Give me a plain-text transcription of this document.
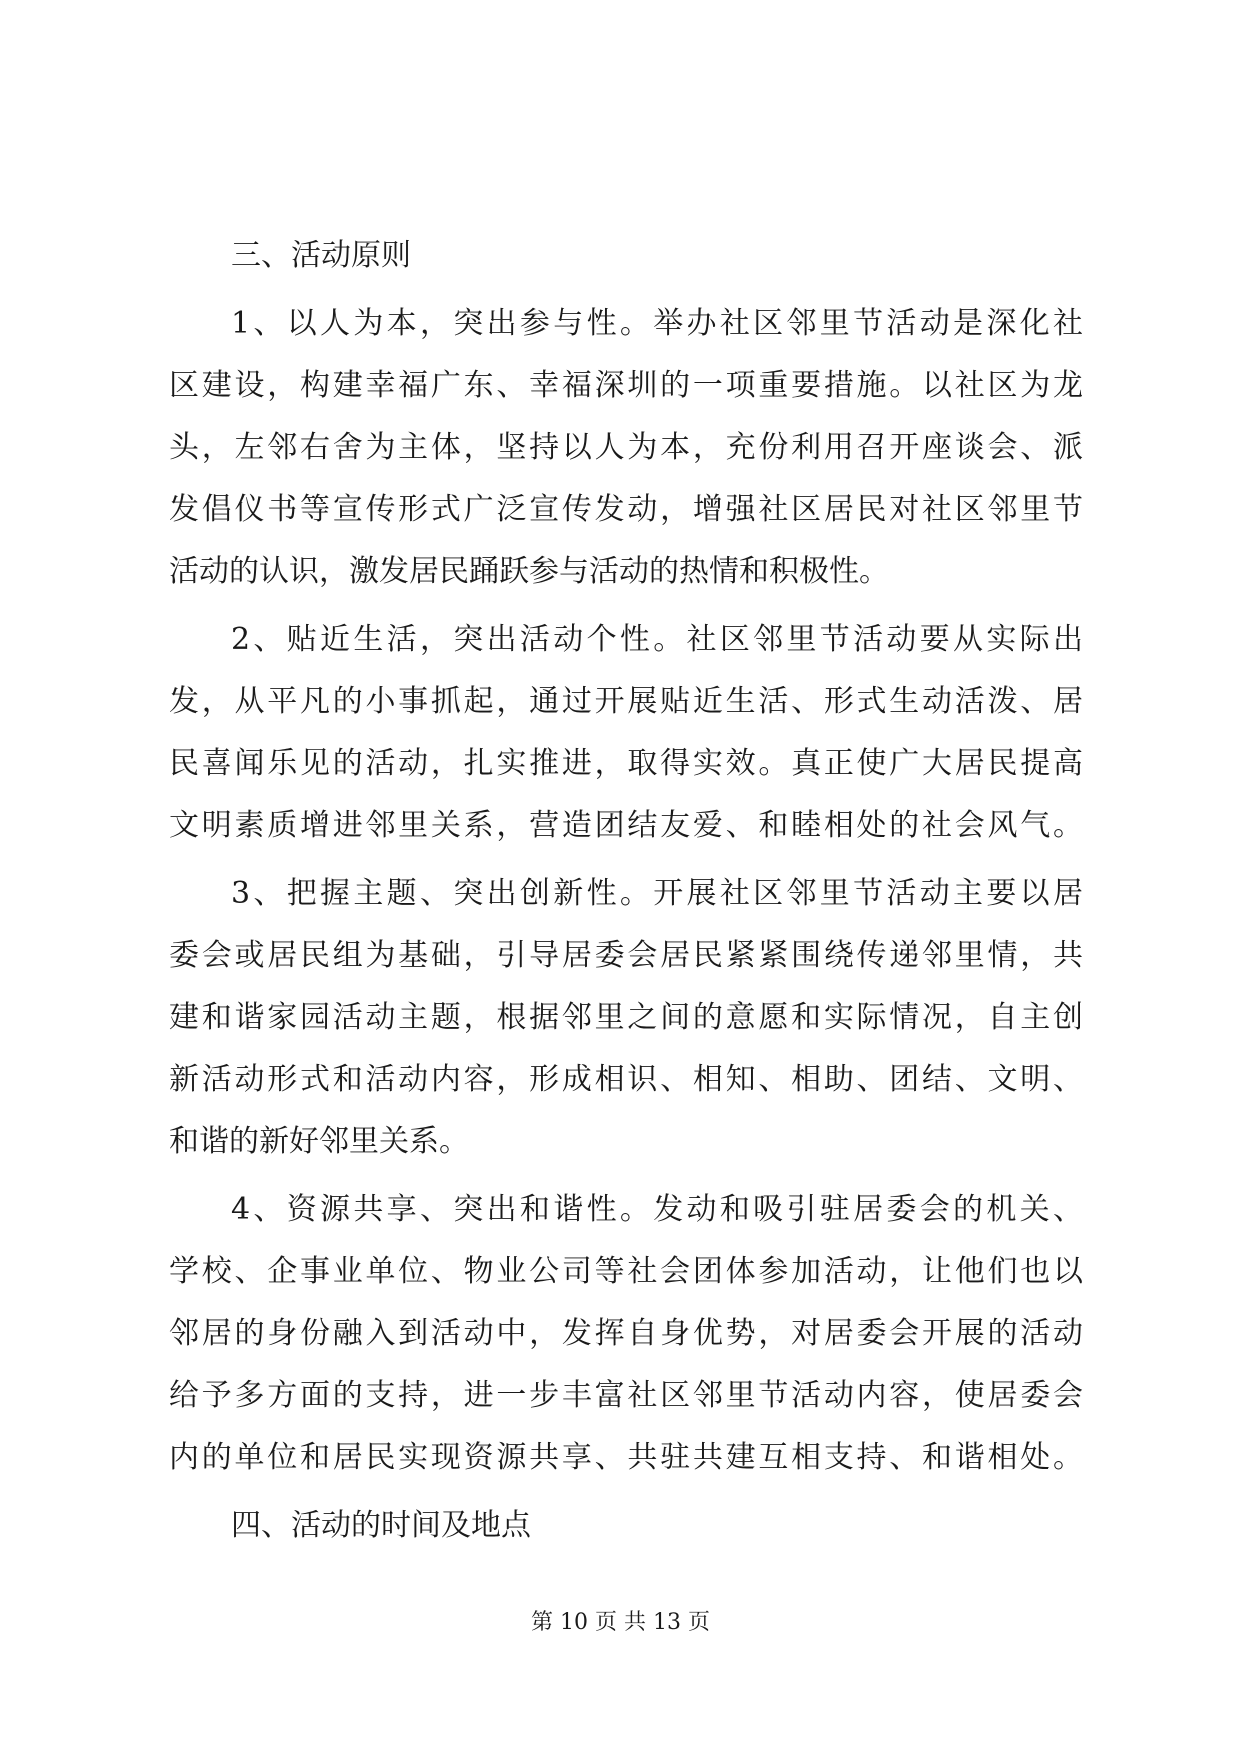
三、活动原则
1、以人为本，突出参与性。举办社区邻里节活动是深化社
区建设，构建幸福广东、幸福深圳的一项重要措施。以社区为龙
头，左邻右舍为主体，坚持以人为本，充份利用召开座谈会、派
发倡仪书等宣传形式广泛宣传发动，增强社区居民对社区邻里节
活动的认识，激发居民踊跃参与活动的热情和积极性。
2、贴近生活，突出活动个性。社区邻里节活动要从实际出
发，从平凡的小事抓起，通过开展贴近生活、形式生动活泼、居
民喜闻乐见的活动，扎实推进，取得实效。真正使广大居民提高
文明素质增进邻里关系，营造团结友爱、和睦相处的社会风气。
3、把握主题、突出创新性。开展社区邻里节活动主要以居
委会或居民组为基础，引导居委会居民紧紧围绕传递邻里情，共
建和谐家园活动主题，根据邻里之间的意愿和实际情况，自主创
新活动形式和活动内容，形成相识、相知、相助、团结、文明、
和谐的新好邻里关系。
4、资源共享、突出和谐性。发动和吸引驻居委会的机关、
学校、企事业单位、物业公司等社会团体参加活动，让他们也以
邻居的身份融入到活动中，发挥自身优势，对居委会开展的活动
给予多方面的支持，进一步丰富社区邻里节活动内容，使居委会
内的单位和居民实现资源共享、共驻共建互相支持、和谐相处。
四、活动的时间及地点
第 10 页 共 13 页
